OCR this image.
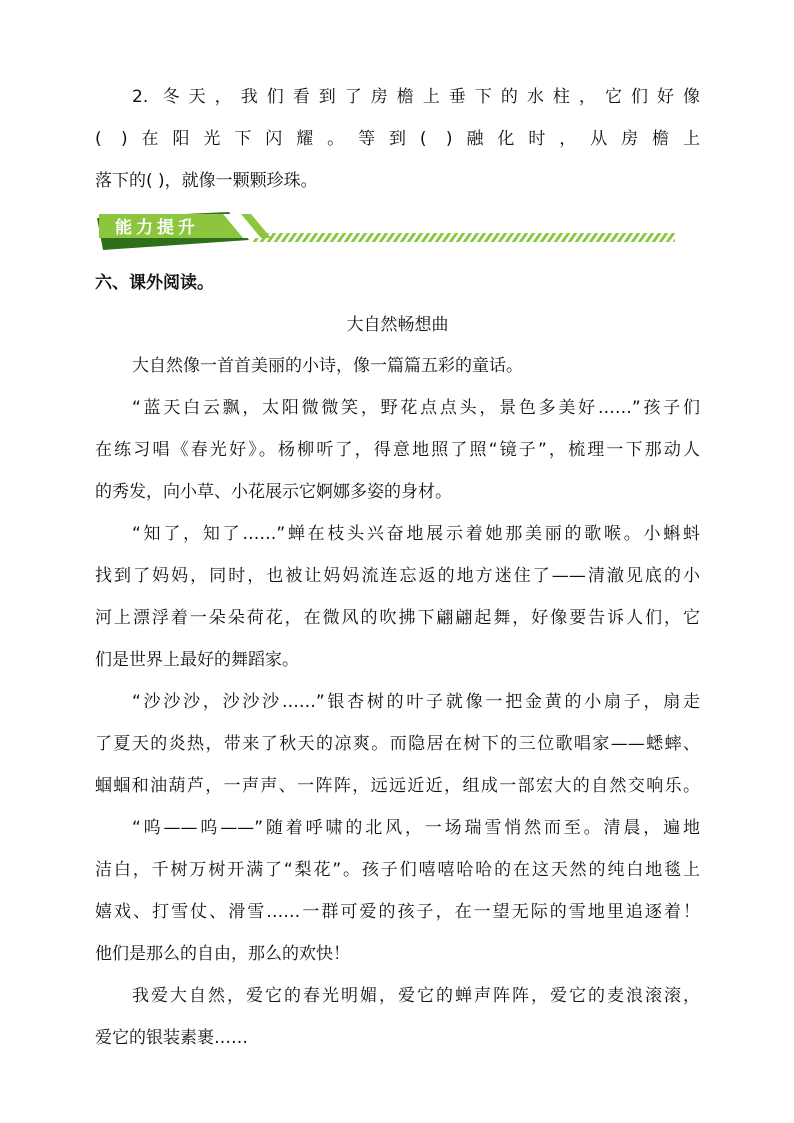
2. 冬天，我们看到了房檐上垂下的水柱，它们好像
( )在阳光下闪耀。等到( )融化时，从房檐上
落下的( )，就像一颗颗珍珠。
能力提升
六、课外阅读。
大自然畅想曲
大自然像一首首美丽的小诗，像一篇篇五彩的童话。
“蓝天白云飘，太阳微微笑，野花点点头，景色多美好……”孩子们
在练习唱《春光好》。杨柳听了，得意地照了照“镜子”，梳理一下那动人
的秀发，向小草、小花展示它婀娜多姿的身材。
“知了，知了……”蝉在枝头兴奋地展示着她那美丽的歌喉。小蝌蚪
找到了妈妈，同时，也被让妈妈流连忘返的地方迷住了——清澈见底的小
河上漂浮着一朵朵荷花，在微风的吹拂下翩翩起舞，好像要告诉人们，它
们是世界上最好的舞蹈家。
“沙沙沙，沙沙沙……”银杏树的叶子就像一把金黄的小扇子，扇走
了夏天的炎热，带来了秋天的凉爽。而隐居在树下的三位歌唱家——蟋蟀、
蝈蝈和油葫芦，一声声、一阵阵，远远近近，组成一部宏大的自然交响乐。
“呜——呜——”随着呼啸的北风，一场瑞雪悄然而至。清晨，遍地
洁白，千树万树开满了“梨花”。孩子们嘻嘻哈哈的在这天然的纯白地毯上
嬉戏、打雪仗、滑雪……一群可爱的孩子，在一望无际的雪地里追逐着！
他们是那么的自由，那么的欢快！
我爱大自然，爱它的春光明媚，爱它的蝉声阵阵，爱它的麦浪滚滚，
爱它的银装素裹……
